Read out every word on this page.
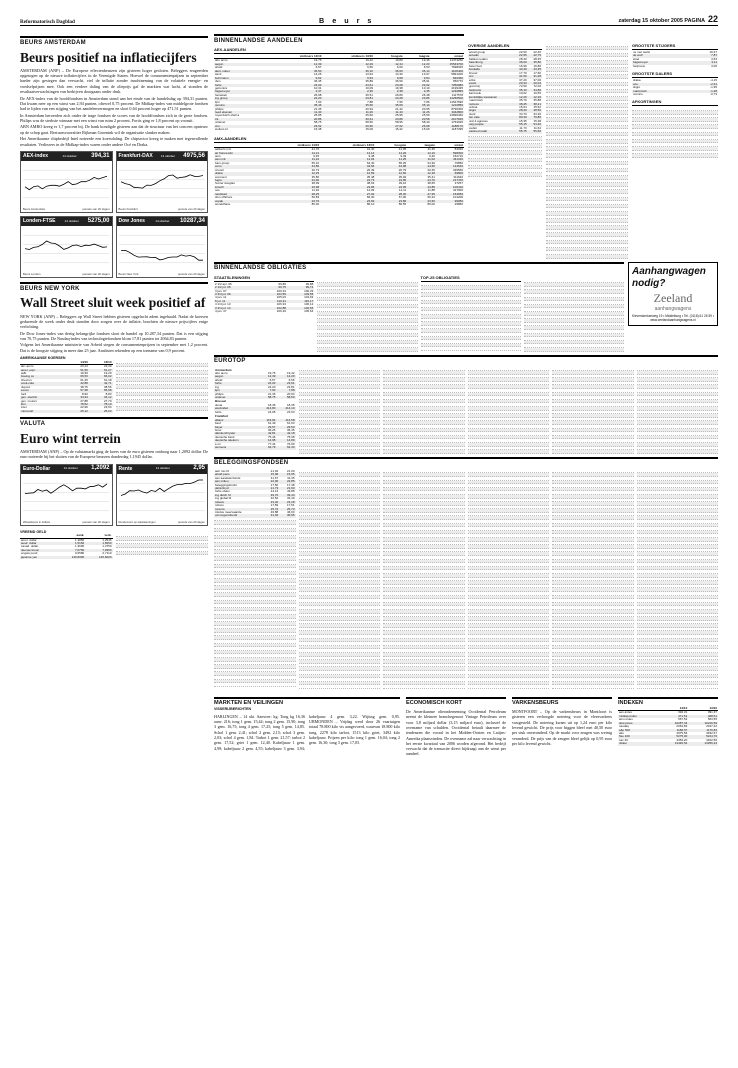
Reformatorisch Dagblad	B e u r s	zaterdag 15 oktober 2005 PAGINA 22
BEURS AMSTERDAM
Beurs positief na inflatiecijfers

AMSTERDAM (ANP) – De Europese effectenbeurzen zijn gisteren hoger gesloten. Beleggers reageerden opgetogen op de nieuwe inflatiecijfers in de Verenigde Staten. Hoewel de consumentenprijzen in september harder zijn gestegen dan verwacht, viel de inflatie zonder inachtneming van de volatiele energie- en voedselprijzen mee. Ook een verdere daling van de olieprijs gaf de markten wat lucht, al stonden de resultaatverwachtingen van bedrijven doorgaans onder druk.

De AEX-index van de hoofdfondsen in Amsterdam stond aan het einde van de handelsdag op 394,31 punten. Dat kwam neer op een winst van 2,94 punten, oftewel 0,75 procent. De Midkap-index van middelgrote fondsen had te lijden van een stijging van het aandelenvermogen en sloot 0,64 procent hoger op 471,51 punten.

In Amsterdam beroerden zich onder de trage fondsen de scores van de hoofdfondsen zich in de grote fondsen. Philips was de sterkste winnaar met een winst van ruim 2 procent, Fortis ging er 1,8 procent op vooruit.

ABN AMRO kreeg er 1,7 procent bij. De bank kondigde gisteren aan dat de structuur van het concern opnieuw op de schop gaat. Bestuursvoorzitter Rijkman Groenink wil de organisatie slanker maken.

Het Amerikaanse chipbedrijf Intel noteerde een koersdaling. De chipsector kreeg te maken met tegenvallende resultaten. Verliezers in de Midkap-index waren onder andere Océ en Draka.

AEX-index	14 oktober 394,31
Beurs Amsterdam	periode van 20 dagen
Frankfurt-DAX	14 oktober 4975,56
Beurs Frankfurt	periode van 20 dagen
Londen-FTSE	14 oktober 5275,00
Beurs Londen	periode van 20 dagen
Dow Jones	14 oktober 10287,34
Beurs New York	periode van 20 dagen
BEURS NEW YORK
Wall Street sluit week positief af

NEW YORK (ANP) – Beleggers op Wall Street hebben gisteren opgelucht adem ingehaald. Nadat de koersen gedurende de week onder druk stonden door zorgen over de inflatie, brachten de nieuwe prijscijfers enige verlichting.

De Dow Jones-index van dertig belangrijke fondsen sloot de handel op 10.287,34 punten. Dat is een stijging van 70,75 punten. De Nasdaq-index van technologiefondsen klom 17,81 punten tot 2064,83 punten.

Volgens het Amerikaanse ministerie van Arbeid stegen de consumentenprijzen in september met 1,2 procent. Dat is de hoogste stijging in meer dan 25 jaar. Analisten rekenden op een toename van 0,9 procent.

AMERIKAANSE KOERSEN
	14/10	13/10
alc.-amro	23,44	23,30
amer. expr.	51,56	51,27
at&t	19,39	19,29
boeing co	66,53	66,02
chevron	61,45	61,18
coca-cola	42,88	42,71
dupont	38,75	38,56
exxon	57,38	56,98
ford	8,90	8,83
gen. electric	34,34	34,12
gen. motors	27,88	27,70
ibm	78,52	78,10
intel	22,99	23,54
microsoft	25,12	25,03
VALUTA
Euro wint terrein

AMSTERDAM (ANP) – Op de valutamarkt ging de koers van de euro gisteren omhoog naar 1,2092 dollar. De euro noteerde bij het sluiten van de Europese beurzen donderdag 1,1945 dollar.

Euro-Dollar	14 oktober 1,2092
Wisselkoers in dollars	periode van 20 dagen
Rente	14 oktober	2,95
Rendement op staatsleningen	periode van 20 dagen
VREEMD GELD
	aank.	verk.
amer. dollar	1,1850	1,2545
austr. dollar	1,5160	1,6550
canad. dollar	1,3690	1,4750
deense kroon	7,0750	7,9350
engels pond	0,6580	0,7110
japanse yen	130,8000	145,6000
BINNENLANDSE AANDELEN
AEX-AANDELEN
	slotkoers 14/10	slotkoers 13/10	hoogste	laagste	omzet
abn amro	19,75	19,42	19,80	19,46	11474250
aegon	12,39	12,29	12,44	12,23	15543700
ahold	6,57	6,56	6,60	6,53	7698345
akzo nobel	36,50	36,10	36,60	36,14	1106400
asml	14,26	13,94	14,30	13,97	5891200
buhrmann	9,62	9,54	9,68	9,54	840360
dsm	36,45	35,89	36,50	35,91	650770
fortis	24,03	23,61	24,08	23,62	7250980
getronics	10,31	10,09	10,38	10,10	2199435
hagemeyer	2,37	2,36	2,38	2,35	1230865
heineken	26,68	26,51	26,80	26,48	1117578
ing groep	24,20	23,81	24,28	23,86	13250500
kpn	7,93	7,88	7,95	7,86	11547696
numico	35,46	35,50	35,69	35,10	1210850
philips	21,36	20,94	21,42	20,95	8790300
reed elsevier	11,40	11,26	11,43	11,26	3342800
royal dutch shell a	25,85	25,60	25,95	25,59	13896460
tnt	20,86	20,61	20,89	20,58	2107645
unilever	58,75	58,50	58,95	58,40	1763025
vnu	26,92	26,66	27,02	26,68	1188170
wolters kl.	15,38	15,09	15,42	15,09	1187395
AMX-AANDELEN
	slotkoers 14/10	slotkoers 13/10	hoogste	laagste	omzet
aalberts ind.	41,70	41,40	41,95	41,35	83030
air france-klm	14,21	14,14	14,26	14,10	598300
ams	9,45	9,48	9,49	9,40	152710
asm intl.	11,22	11,04	11,25	11,02	441310
bam groep	65,10	64,40	65,25	64,30	76850
corio	44,86	44,66	44,98	44,60	144640
crucell	20,73	20,49	20,79	20,45	339560
draka	12,25	12,59	12,60	12,18	69800
euronext	35,80	35,48	35,92	35,41	311640
fugro	24,90	24,73	24,95	24,70	217470
hunter douglas	38,99	38,63	39,10	38,65	37257
imtech	23,98	23,86	24,05	23,85	106410
oce	11,92	12,09	12,11	11,88	327900
randstad	28,25	27,92	28,30	27,95	153650
sbm offshore	66,83	66,30	67,00	66,34	101200
vopak	23,76	23,69	23,86	23,60	99050
wereldhave	86,30	86,10	86,55	86,00	29850
OVERIGE AANDELEN
accell group	22,50	22,46
arcadis	22,95	22,75
ballast nedam	28,40	28,25
batenburg	36,00	35,80
beter bed	16,99	16,80
boskalis	43,40	43,25
brunel	17,70	17,60
cnc	31,50	31,28
eriks	37,20	37,00
exact	20,33	20,04
grontmij	72,50	72,00
heijmans	35,10	34,80
kas bank	19,62	19,55
koninklijke wessanen	12,29	12,26
macintosh	35,79	35,88
nutreco	38,45	38,21
ordina	15,64	15,52
sligro	28,40	28,50
stork	33,70	33,30
ten cate	80,30	79,80
unit 4 agresso	15,35	15,28
usg people	55,15	54,40
vedior	11,73	11,64
vastned retail	55,75	55,60
GROOTSTE STIJGERS
ns met werkt	16,67
de wolf	7,87
elsel	3,63
hagemeyer	3,11
heijmans	3,00
GROOTSTE DALERS
draka	-4,15
oce	-2,61
sligro	-1,95
macintosh	-1,28
numico	-0,73
AFKORTINGEN
BINNENLANDSE OBLIGATIES
STAATSLENINGEN
2 1/2 apr. 06	99,89	99,88
2 1/2 jul. 06	99,75	99,74
3 jan. 07	100,34	100,33
3 3/4 jul. 09	103,59	103,55
4 jan. 11	105,03	104,93
5 jul. 11	110,31	110,17
4 1/4 jul. 13	106,33	106,12
3 3/4 jul. 14	102,88	102,65
4 jan. 37	106,29	105,64
TOP-25 OBLIGATIES
Aanhangwagen nodig?
Zeeland
aanhangwagens
Kleverskerkseweg 19 • Middelburg • Tel. (0118) 61 26 59 • www.zeelandaanhangwagens.nl
EUROTOP
Amsterdam		
abn amro	19,75	19,42
aegon	12,39	12,29
ahold	6,57	6,56
fortis	24,03	23,61
ing	24,20	23,81
kpn	7,93	7,88
philips	21,36	20,94
unilever	58,75	58,50
Brussel		
dexia	18,46	18,35
electrabel	414,80	414,10
fortis	24,05	23,63
Frankfurt		
allianz	115,94	114,58
basf	61,49	61,03
bayer	29,57	29,50
bmw	36,26	36,45
daimlerchrysler	42,81	42,18
deutsche bank	75,46	75,08
deutsche telekom	14,98	14,89
e.on	77,44	76,99
siemens	62,79	62,43
BELEGGINGSFONDSEN
aeh mix fd	21,02	21,00
ahold pens	15,08	15,05
asn aandelenfonds	41,67	41,45
asn milieu	22,90	22,85
beleggingsfonds	17,50	17,48
delta lloyd	21,73	21,63
fortis obam	44,13	43,88
ing dutch fd	39,70	39,44
ing global fd	32,52	32,40
robeco	23,32	23,18
rolinco	17,59	17,51
rorento	25,72	25,73
triodos meerwaarde	46,88	46,60
vermogensfonds	31,02	30,95
MARKTEN EN VEILINGEN
VISSERIJBERICHTEN
HARLINGEN – 14 okt. Aanvoer: kg. Tong kg 16,36 aanv. 216; tong 1 gem. 15,44; tong 2 gem. 15,90; tong 3 gem. 16,75; tong 4 gem. 17,25; tong 5 gem. 14,85. Schol 1 gem. 2,41; schol 2 gem. 2,15; schol 3 gem. 2,03; schol 4 gem. 1,84. Tarbot 1 gem. 21,57; tarbot 2 gem. 17,52; griet 1 gem. 12,40. Kabeljauw 1 gem. 4,99; kabeljauw 2 gem. 4,55; kabeljauw 3 gem. 3,94; kabeljauw 4 gem. 3,22. Wijting gem. 0,95. URMONDEN – Vrijdag werd door 26 vaartuigen totaal 78.800 kilo vis aangevoerd, waarvan 18.800 kilo tong, 2278 kilo tarbot, 1513 kilo griet, 3492 kilo kabeljauw. Prijzen per kilo: tong 1 gem. 16,04; tong 2 gem. 16,30; tong 3 gem. 17,05.
ECONOMISCH KORT
De Amerikaanse olieonderneming Occidental Petroleum neemt de kleinere branchegenoot Vintage Petroleum over voor 3,8 miljard dollar (3,15 miljard euro), inclusief de overname van schulden. Occidental betaalt daarmee de tendenzen die vooral in het Midden-Oosten en Latijns-Amerika plaatsvinden. De overname zal naar verwachting in het eerste kwartaal van 2006 worden afgerond. Het bedrijf verwacht dat de transactie direct bijdraagt aan de winst per aandeel.
VARKENSBEURS
MONTFOORT – Op de varkensbeurs in Montfoort is gisteren een verhoogde notering voor de vleesvarkens vastgesteld. De notering kwam uit op 1,24 euro per kilo levend gewicht. De prijs voor biggen bleef met 40,50 euro per stuk onveranderd. Op de markt voor zeugen was weinig veranderd. De prijs van de zeugen bleef gelijk op 0,95 euro per kilo levend gewicht.
INDEXEN
	14/10	13/10
aex-index	394,31	391,37
midkap-index	471,51	468,51
amx-index	567,52	563,55
dow jones	10287,34	10216,59
nasdaq	2064,83	2047,22
s&p 500	1186,57	1176,84
dax	4975,56	4932,67
ftse 100	5275,00	5224,70
cac 40	4353,20	4322,50
nikkei	13420,54	13256,24
